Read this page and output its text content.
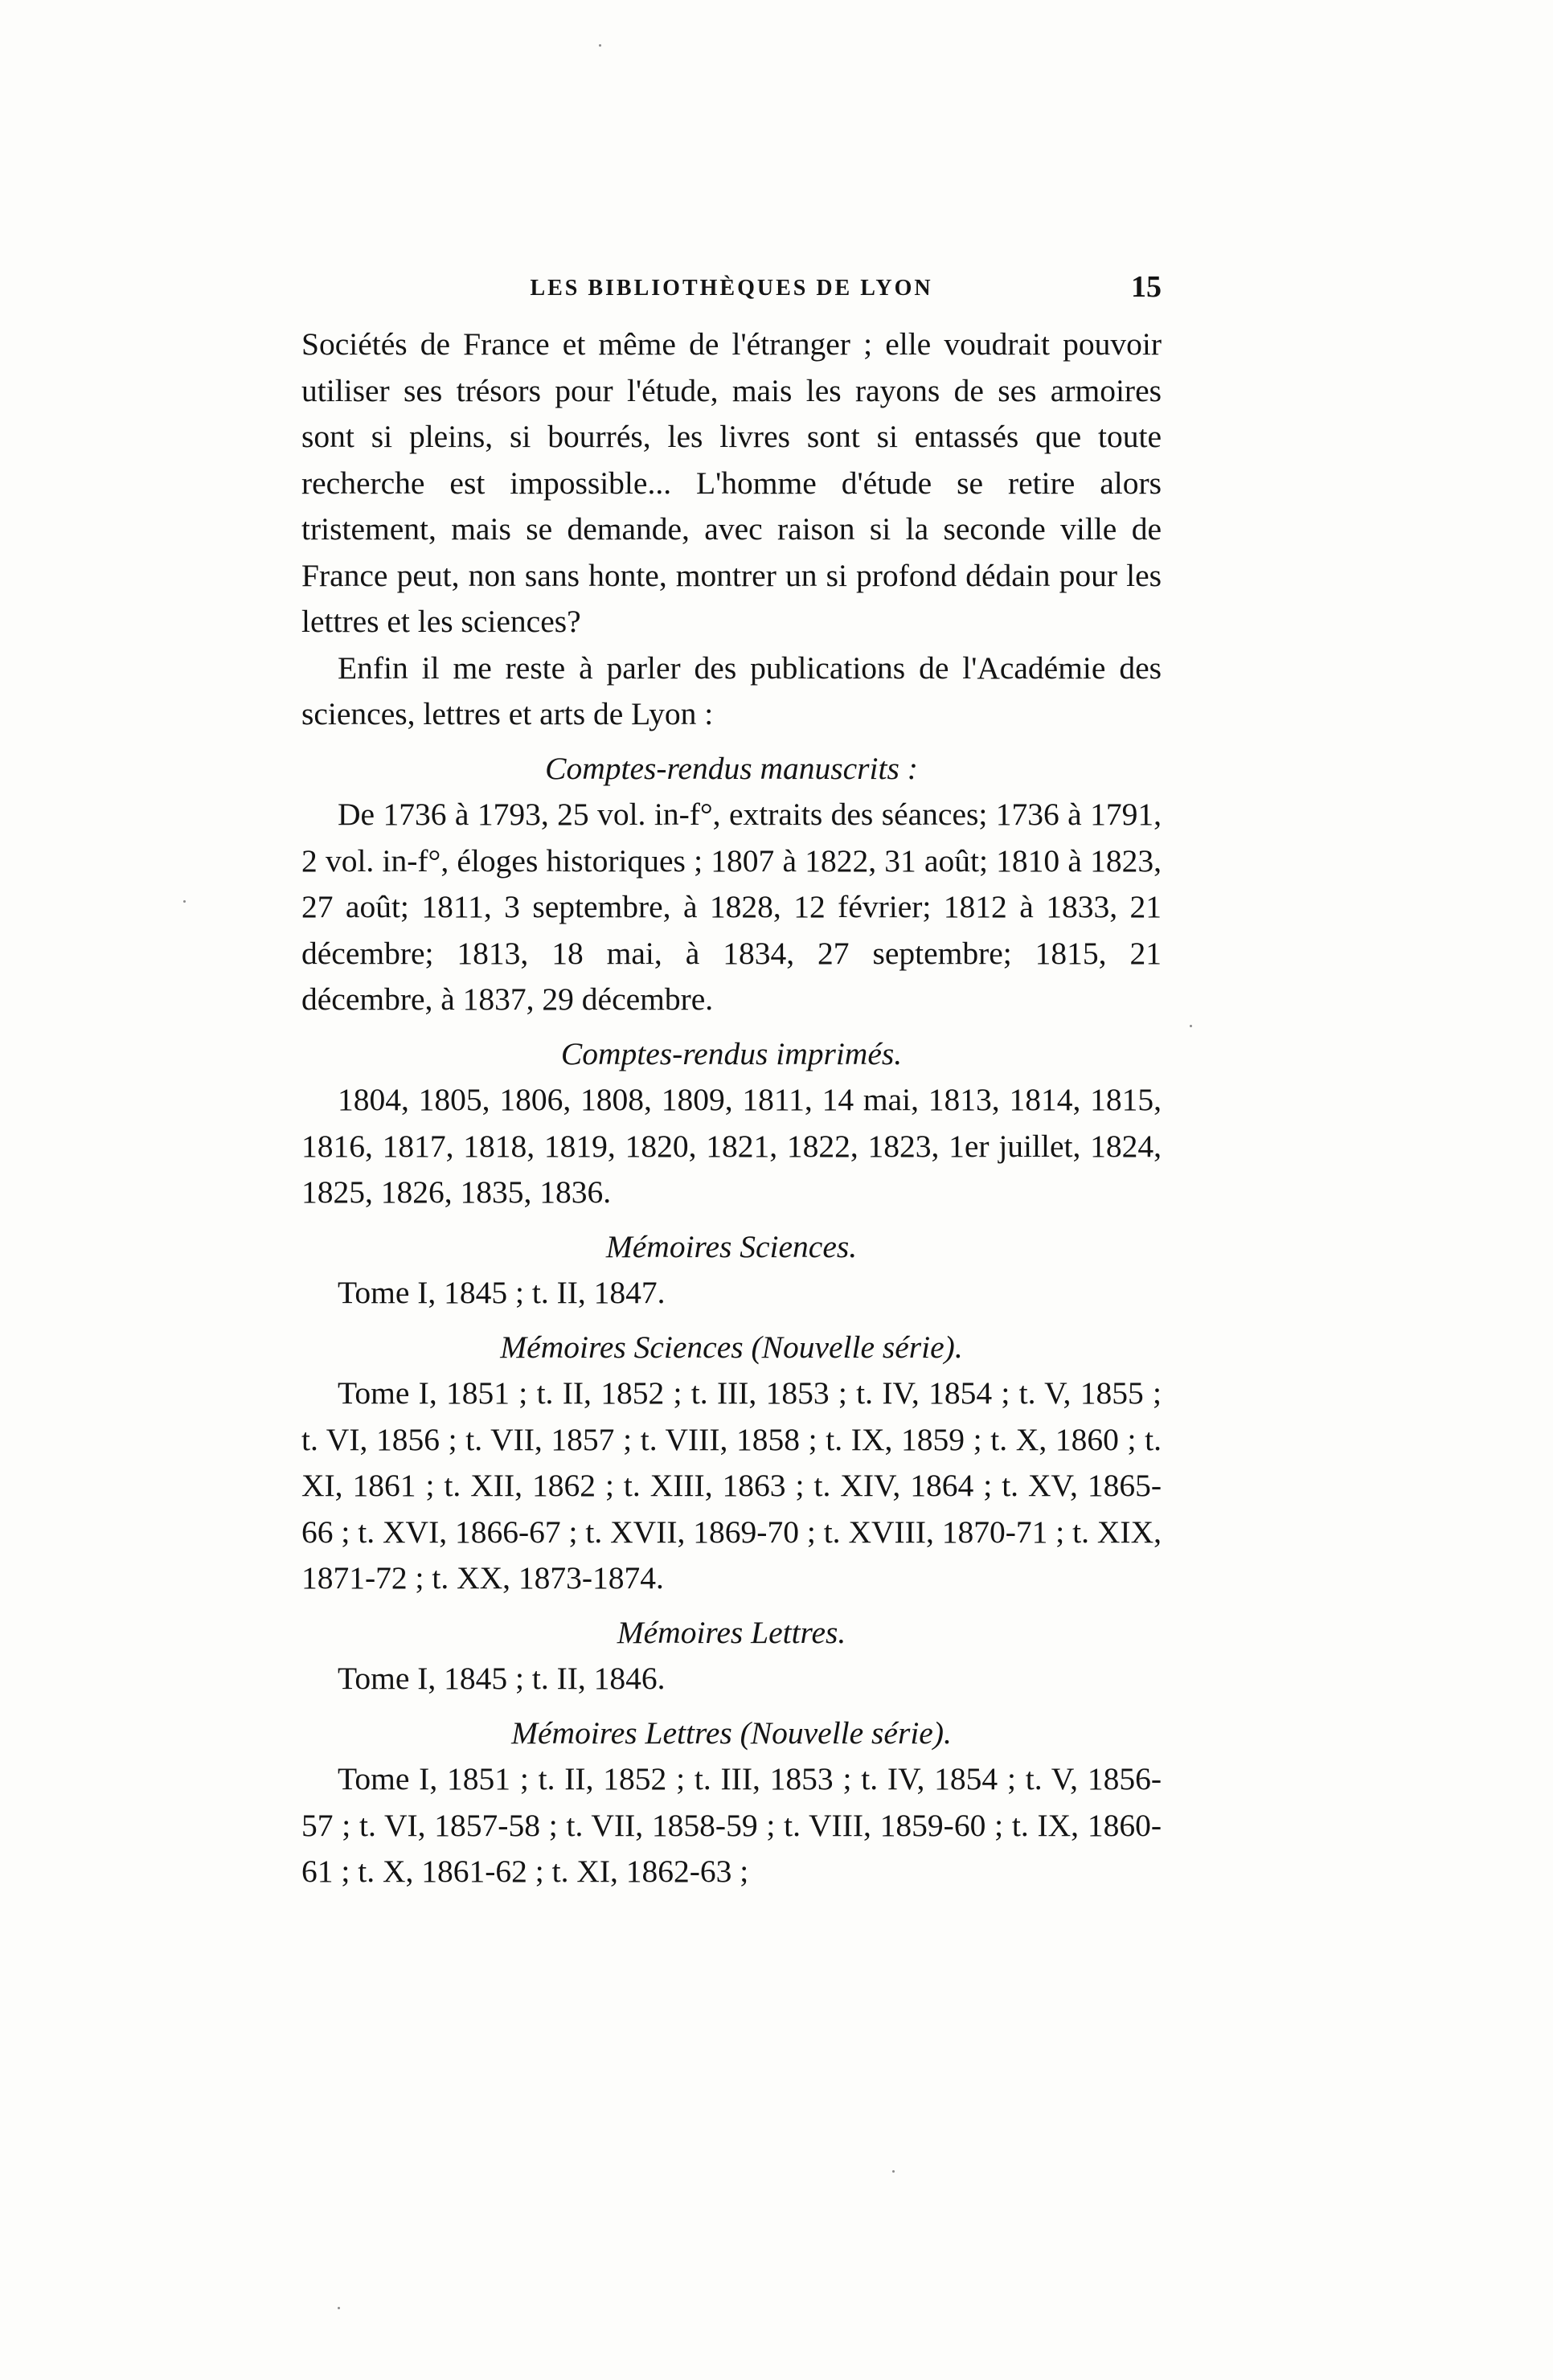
LES BIBLIOTHÈQUES DE LYON	15

Sociétés de France et même de l'étranger ; elle voudrait pouvoir utiliser ses trésors pour l'étude, mais les rayons de ses armoires sont si pleins, si bourrés, les livres sont si entassés que toute recherche est impossible... L'homme d'étude se retire alors tristement, mais se demande, avec raison si la seconde ville de France peut, non sans honte, montrer un si profond dédain pour les lettres et les sciences?

Enfin il me reste à parler des publications de l'Académie des sciences, lettres et arts de Lyon :

Comptes-rendus manuscrits :

De 1736 à 1793, 25 vol. in-f°, extraits des séances; 1736 à 1791, 2 vol. in-f°, éloges historiques ; 1807 à 1822, 31 août; 1810 à 1823, 27 août; 1811, 3 septembre, à 1828, 12 février; 1812 à 1833, 21 décembre; 1813, 18 mai, à 1834, 27 septembre; 1815, 21 décembre, à 1837, 29 décembre.

Comptes-rendus imprimés.

1804, 1805, 1806, 1808, 1809, 1811, 14 mai, 1813, 1814, 1815, 1816, 1817, 1818, 1819, 1820, 1821, 1822, 1823, 1er juillet, 1824, 1825, 1826, 1835, 1836.

Mémoires Sciences.

Tome I, 1845 ; t. II, 1847.

Mémoires Sciences (Nouvelle série).

Tome I, 1851 ; t. II, 1852 ; t. III, 1853 ; t. IV, 1854 ; t. V, 1855 ; t. VI, 1856 ; t. VII, 1857 ; t. VIII, 1858 ; t. IX, 1859 ; t. X, 1860 ; t. XI, 1861 ; t. XII, 1862 ; t. XIII, 1863 ; t. XIV, 1864 ; t. XV, 1865-66 ; t. XVI, 1866-67 ; t. XVII, 1869-70 ; t. XVIII, 1870-71 ; t. XIX, 1871-72 ; t. XX, 1873-1874.

Mémoires Lettres.

Tome I, 1845 ; t. II, 1846.

Mémoires Lettres (Nouvelle série).

Tome I, 1851 ; t. II, 1852 ; t. III, 1853 ; t. IV, 1854 ; t. V, 1856-57 ; t. VI, 1857-58 ; t. VII, 1858-59 ; t. VIII, 1859-60 ; t. IX, 1860-61 ; t. X, 1861-62 ; t. XI, 1862-63 ;
